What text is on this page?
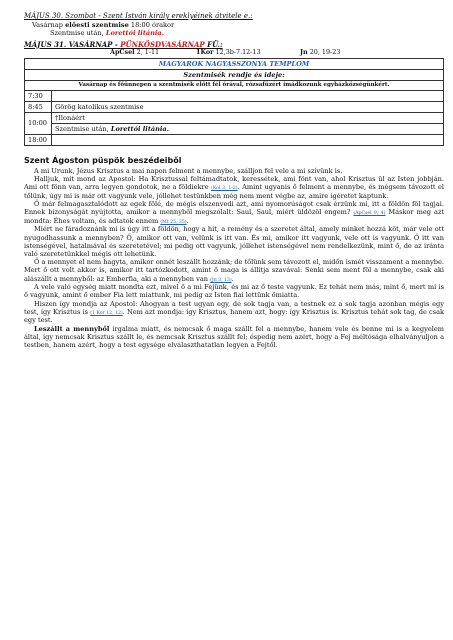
MÁJUS 30. Szombat - Szent István király ereklyéinek átvitele e.:
Vasárnap előesti szentmise 18:00 órakor
Szentmise után, Lorettói litánia.
MÁJUS 31. VASÁRNAP - PÜNKÖSDVASÁRNAP FÜ.:
ApCsel 2, 1-11	1Kor 12,3b-7.12-13	Jn 20, 19-23
MAGYAROK NAGYASSZONYA TEMPLOM	
Szentmisék rendje és ideje:	
Vasárnap és főünnepen a szentmisék előtt fél órával, rózsafüzért imádkozunk egyházközségünkért.	
7:30	
8:45	Görög katolikus szentmise
10:00	†Ilonáért
	Szentmise után, Lorettói litánia.
18:00	
Szent Ágoston püspök beszédeiből

A mi Urunk, Jézus Krisztus a mai napon felment a mennybe, szálljon fel vele a mi szívünk is.

Halljuk, mit mond az Apostol: Ha Krisztussal feltámadtatok, keressétek, ami fönt van, ahol Krisztus ül az Isten jobbján. Ami ott fönn van, arra legyen gondotok, ne a földiekre (Kol 3, 1-2). Amint ugyanis ő felment a mennybe, és mégsem távozott el tőlünk, úgy mi is már ott vagyunk vele, jóllehet testünkben még nem ment végbe az, amire ígéretet kaptunk.

Ő már felmagasztalódott az egek fölé, de mégis elszenvedi azt, ami nyomorúságot csak érzünk mi, itt a földön föl tagjai. Ennek bizonyságát nyújtotta, amikor a mennyből megszólalt: Saul, Saul, miért üldözöl engem? (ApCsel 9, 4) Máskor meg azt mondta: Éhes voltam, és adtatok ennem (Mt 25, 35).

Miért ne fáradoznánk mi is úgy itt a földön, hogy a hit, a remény és a szeretet által, amely minket hozzá köt, már vele ott nyugodhassunk a mennyben? Ő, amikor ott van, velünk is itt van. És mi, amikor itt vagyunk, vele ott is vagyunk. Ő itt van istenségével, hatalmával és szeretetével; mi pedig ott vagyunk, jóllehet istenségével nem rendelkezünk, mint ő, de az iránta való szeretetünkkel mégis ott lehetünk.

Ő a mennyet el nem hagyta, amikor onnét leszállt hozzánk; de tőlünk sem távozott el, midőn ismét visszament a mennybe. Mert ő ott volt akkor is, amikor itt tartózkodott, amint ő maga is állítja szavával: Senki sem ment föl a mennybe, csak aki alászállt a mennyből: az Emberfia, aki a mennyben van (Jn 3, 13).

A vele való egység miatt mondta ezt, mivel ő a mi Fejünk, és mi az ő teste vagyunk. Ez tehát nem más, mint ő, mert mi is ő vagyunk, amint ő ember Fia lett miattunk, mi pedig az Isten fiai lettünk őmiatta.

Hiszen így mondja az Apostol: Ahogyan a test ugyan egy, de sok tagja van, a testnek ez a sok tagja azonban mégis egy test, így Krisztus is (1 Kor 12, 12). Nem azt mondja: így Krisztus, hanem azt, hogy: így Krisztus is. Krisztus tehát sok tag, de csak egy test.

Leszállt a mennyből irgalma miatt, és nemcsak ő maga szállt fel a mennybe, hanem vele és benne mi is a kegyelem által, így nemcsak Krisztus szállt le, és nemcsak Krisztus szállt fel; éspedig nem azért, hogy a Fej méltósága elhalványuljon a testben, hanem azért, hogy a test egysége elválaszthatatlan legyen a Fejtől.
